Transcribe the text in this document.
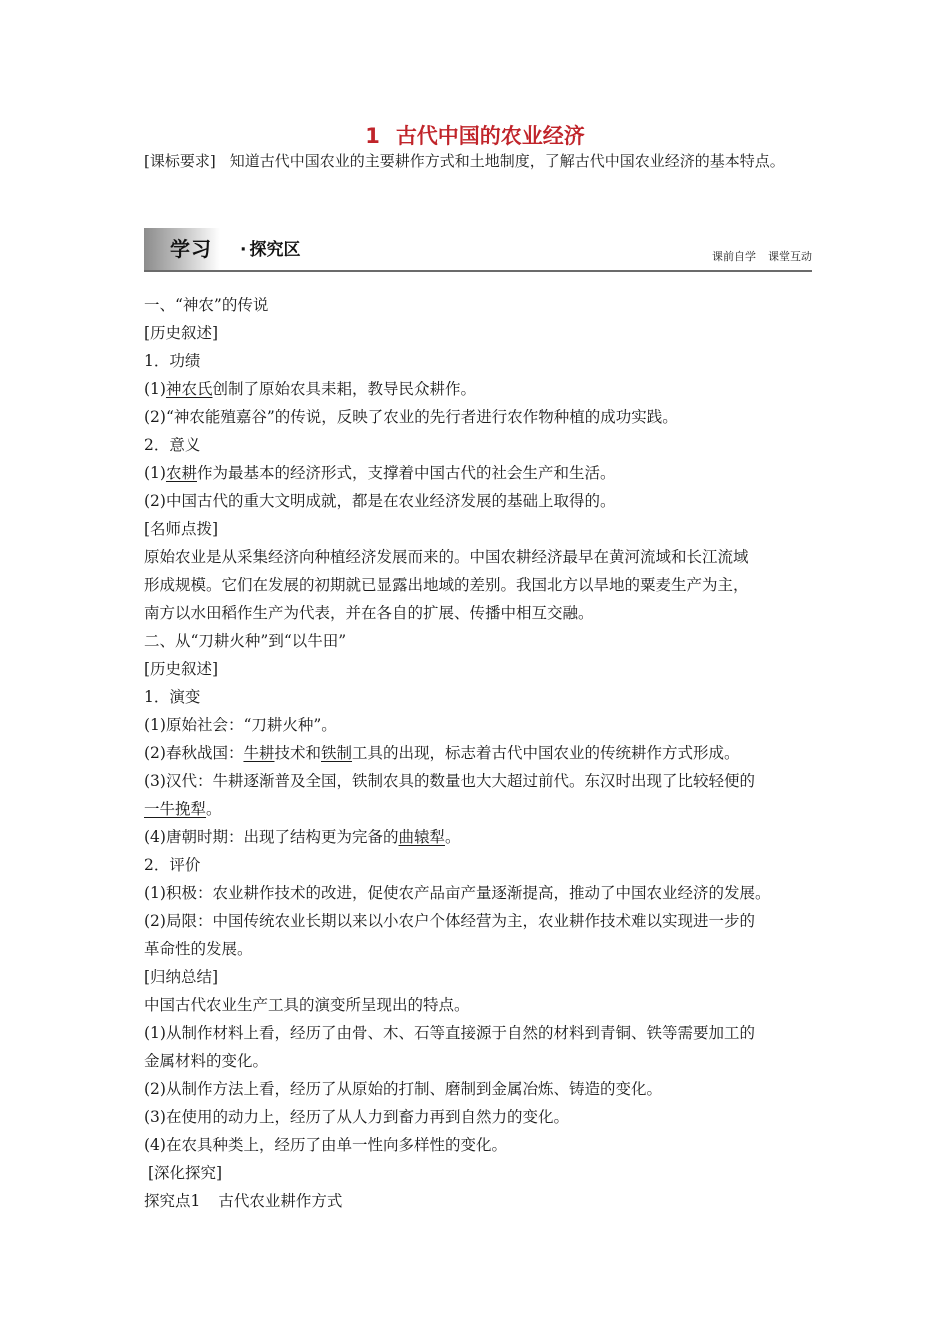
1 古代中国的农业经济

[课标要求] 知道古代中国农业的主要耕作方式和土地制度，了解古代中国农业经济的基本特点。

学习 · 探究区	课前自学 课堂互动

一、“神农”的传说

[历史叙述]

1．功绩

(1)神农氏创制了原始农具耒耜，教导民众耕作。

(2)“神农能殖嘉谷”的传说，反映了农业的先行者进行农作物种植的成功实践。

2．意义

(1)农耕作为最基本的经济形式，支撑着中国古代的社会生产和生活。

(2)中国古代的重大文明成就，都是在农业经济发展的基础上取得的。

[名师点拨]

原始农业是从采集经济向种植经济发展而来的。中国农耕经济最早在黄河流域和长江流域

形成规模。它们在发展的初期就已显露出地域的差别。我国北方以旱地的粟麦生产为主，

南方以水田稻作生产为代表，并在各自的扩展、传播中相互交融。

二、从“刀耕火种”到“以牛田”

[历史叙述]

1．演变

(1)原始社会：“刀耕火种”。

(2)春秋战国：牛耕技术和铁制工具的出现，标志着古代中国农业的传统耕作方式形成。

(3)汉代：牛耕逐渐普及全国，铁制农具的数量也大大超过前代。东汉时出现了比较轻便的

一牛挽犁。

(4)唐朝时期：出现了结构更为完备的曲辕犁。

2．评价

(1)积极：农业耕作技术的改进，促使农产品亩产量逐渐提高，推动了中国农业经济的发展。

(2)局限：中国传统农业长期以来以小农户个体经营为主，农业耕作技术难以实现进一步的

革命性的发展。

[归纳总结]

中国古代农业生产工具的演变所呈现出的特点。

(1)从制作材料上看，经历了由骨、木、石等直接源于自然的材料到青铜、铁等需要加工的

金属材料的变化。

(2)从制作方法上看，经历了从原始的打制、磨制到金属冶炼、铸造的变化。

(3)在使用的动力上，经历了从人力到畜力再到自然力的变化。

(4)在农具种类上，经历了由单一性向多样性的变化。

[深化探究]

探究点1 古代农业耕作方式
